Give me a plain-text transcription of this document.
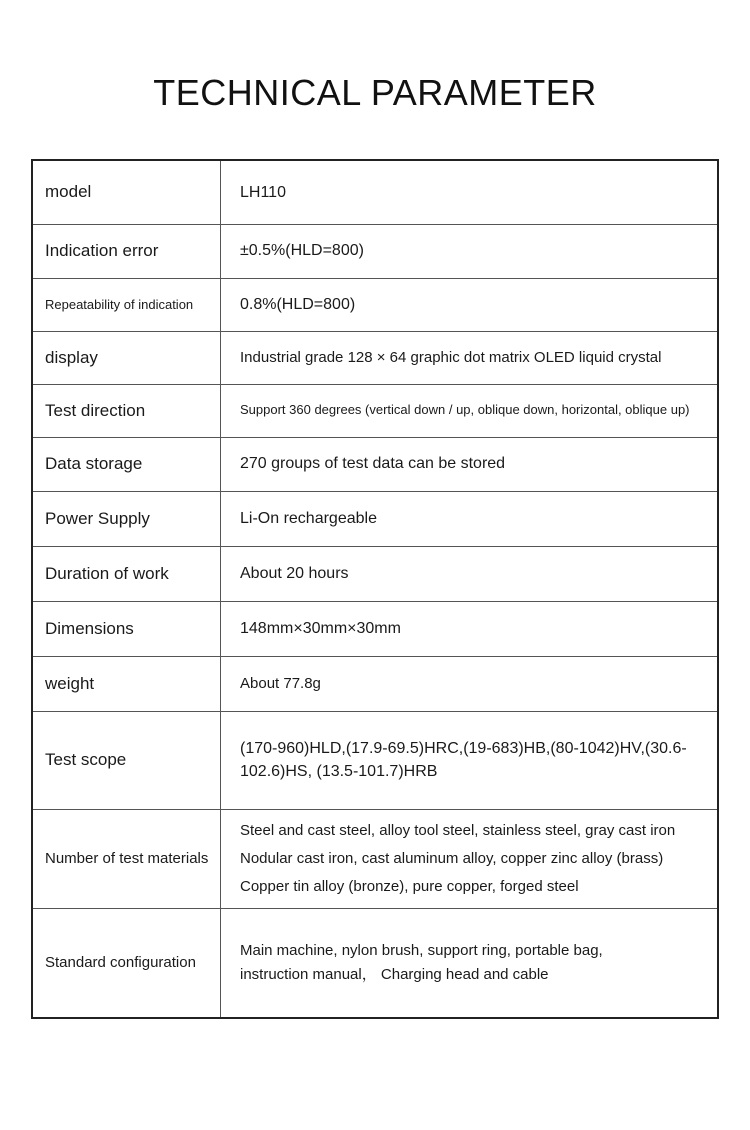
TECHNICAL PARAMETER
model	LH110
Indication error	±0.5%(HLD=800)
Repeatability of indication	0.8%(HLD=800)
display	Industrial grade 128 × 64 graphic dot matrix OLED liquid crystal
Test direction	Support 360 degrees (vertical down / up, oblique down, horizontal, oblique up)
Data storage	270 groups of test data can be stored
Power Supply	Li-On rechargeable
Duration of work	About 20 hours
Dimensions	148mm×30mm×30mm
weight	About 77.8g
Test scope	(170-960)HLD,(17.9-69.5)HRC,(19-683)HB,(80-1042)HV,(30.6-102.6)HS, (13.5-101.7)HRB
Number of test materials	Steel and cast steel, alloy tool steel, stainless steel, gray cast iron
Nodular cast iron, cast aluminum alloy, copper zinc alloy (brass)
Copper tin alloy (bronze), pure copper, forged steel

Standard configuration	Main machine, nylon brush, support ring, portable bag,
instruction manual， Charging head and cable
